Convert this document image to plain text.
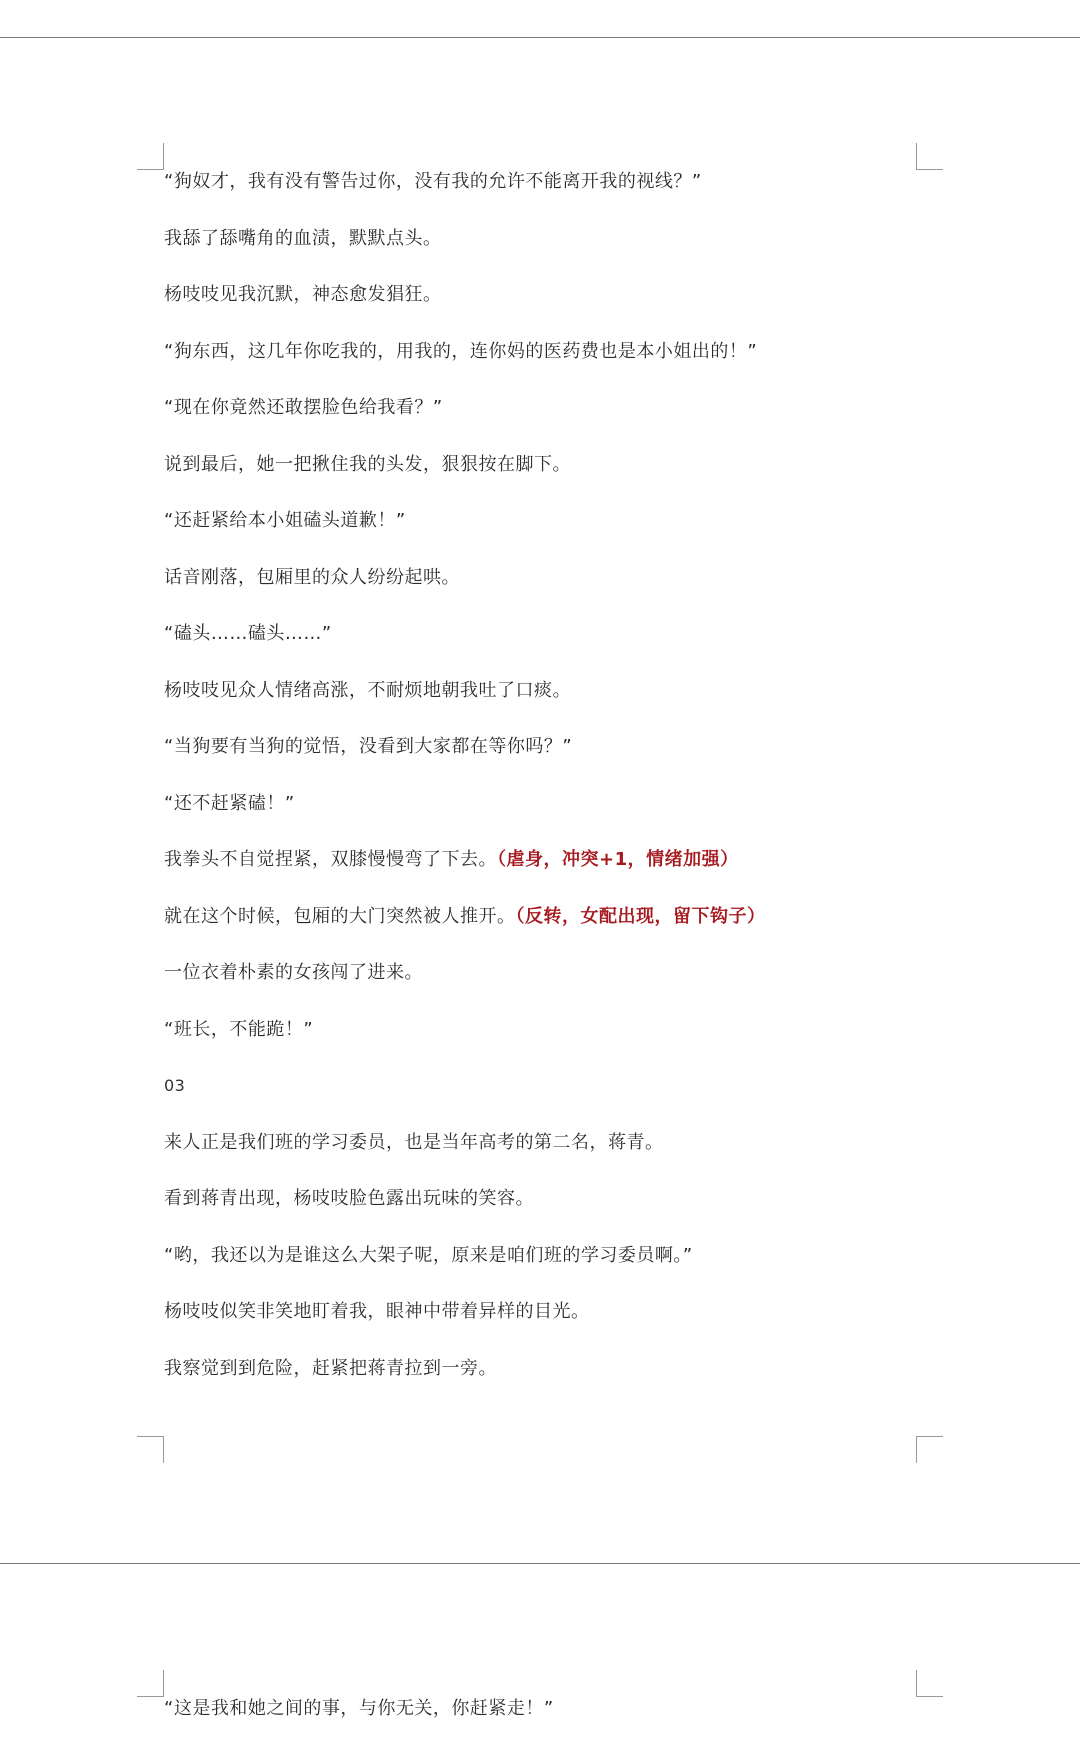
“狗奴才，我有没有警告过你，没有我的允许不能离开我的视线？”
我舔了舔嘴角的血渍，默默点头。
杨吱吱见我沉默，神态愈发猖狂。
“狗东西，这几年你吃我的，用我的，连你妈的医药费也是本小姐出的！”
“现在你竟然还敢摆脸色给我看？”
说到最后，她一把揪住我的头发，狠狠按在脚下。
“还赶紧给本小姐磕头道歉！”
话音刚落，包厢里的众人纷纷起哄。
“磕头……磕头……”
杨吱吱见众人情绪高涨，不耐烦地朝我吐了口痰。
“当狗要有当狗的觉悟，没看到大家都在等你吗？”
“还不赶紧磕！”
我拳头不自觉捏紧，双膝慢慢弯了下去。（虐身，冲突+1，情绪加强）
就在这个时候，包厢的大门突然被人推开。（反转，女配出现，留下钩子）
一位衣着朴素的女孩闯了进来。
“班长，不能跪！”
03
来人正是我们班的学习委员，也是当年高考的第二名，蒋青。
看到蒋青出现，杨吱吱脸色露出玩味的笑容。
“哟，我还以为是谁这么大架子呢，原来是咱们班的学习委员啊。”
杨吱吱似笑非笑地盯着我，眼神中带着异样的目光。
我察觉到到危险，赶紧把蒋青拉到一旁。
“这是我和她之间的事，与你无关，你赶紧走！”
